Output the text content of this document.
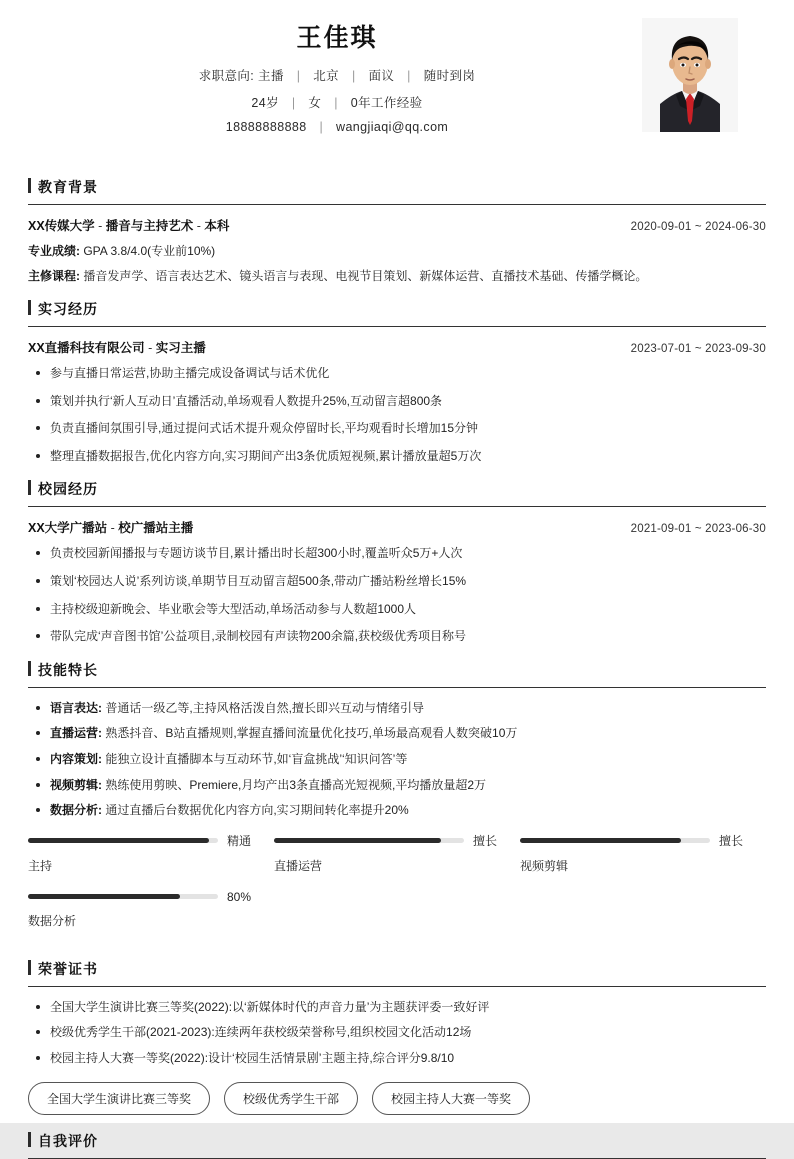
王佳琪
求职意向: 主播 | 北京 | 面议 | 随时到岗
24岁 | 女 | 0年工作经验
18888888888 | wangjiaqi@qq.com
教育背景
XX传媒大学 - 播音与主持艺术 - 本科	2020-09-01 ~ 2024-06-30
专业成绩: GPA 3.8/4.0(专业前10%)
主修课程: 播音发声学、语言表达艺术、镜头语言与表现、电视节目策划、新媒体运营、直播技术基础、传播学概论。
实习经历
XX直播科技有限公司 - 实习主播	2023-07-01 ~ 2023-09-30
参与直播日常运营,协助主播完成设备调试与话术优化
策划并执行‘新人互动日’直播活动,单场观看人数提升25%,互动留言超800条
负责直播间氛围引导,通过提问式话术提升观众停留时长,平均观看时长增加15分钟
整理直播数据报告,优化内容方向,实习期间产出3条优质短视频,累计播放量超5万次
校园经历
XX大学广播站 - 校广播站主播	2021-09-01 ~ 2023-06-30
负责校园新闻播报与专题访谈节目,累计播出时长超300小时,覆盖听众5万+人次
策划‘校园达人说’系列访谈,单期节目互动留言超500条,带动广播站粉丝增长15%
主持校级迎新晚会、毕业歌会等大型活动,单场活动参与人数超1000人
带队完成‘声音图书馆’公益项目,录制校园有声读物200余篇,获校级优秀项目称号
技能特长
语言表达: 普通话一级乙等,主持风格活泼自然,擅长即兴互动与情绪引导
直播运营: 熟悉抖音、B站直播规则,掌握直播间流量优化技巧,单场最高观看人数突破10万
内容策划: 能独立设计直播脚本与互动环节,如‘盲盒挑战’‘知识问答’等
视频剪辑: 熟练使用剪映、Premiere,月均产出3条直播高光短视频,平均播放量超2万
数据分析: 通过直播后台数据优化内容方向,实习期间转化率提升20%
精通
主持
擅长
直播运营
擅长
视频剪辑
80%
数据分析
荣誉证书
全国大学生演讲比赛三等奖(2022):以‘新媒体时代的声音力量’为主题获评委一致好评
校级优秀学生干部(2021-2023):连续两年获校级荣誉称号,组织校园文化活动12场
校园主持人大赛一等奖(2022):设计‘校园生活情景剧’主题主持,综合评分9.8/10
全国大学生演讲比赛三等奖	校级优秀学生干部	校园主持人大赛一等奖
自我评价
